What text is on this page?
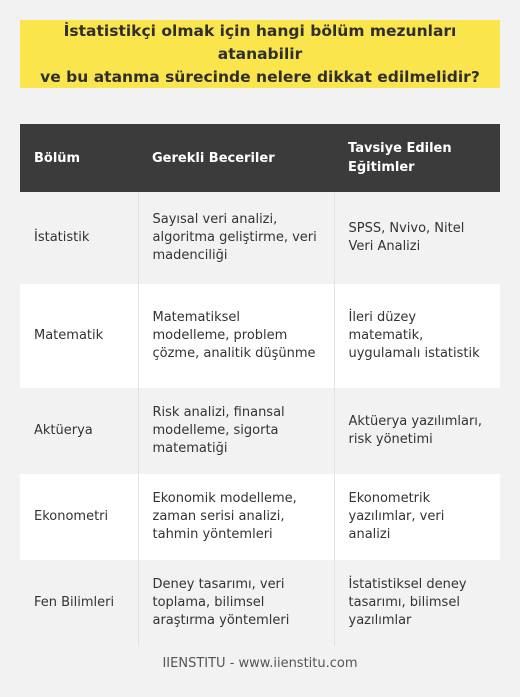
İstatistikçi olmak için hangi bölüm mezunları atanabilir
ve bu atanma sürecinde nelere dikkat edilmelidir?
Bölüm	Gerekli Beceriler	Tavsiye Edilen Eğitimler
İstatistik	Sayısal veri analizi, algoritma geliştirme, veri madenciliği	SPSS, Nvivo, Nitel Veri Analizi
Matematik	Matematiksel modelleme, problem çözme, analitik düşünme	İleri düzey matematik, uygulamalı istatistik
Aktüerya	Risk analizi, finansal modelleme, sigorta matematiği	Aktüerya yazılımları, risk yönetimi
Ekonometri	Ekonomik modelleme, zaman serisi analizi, tahmin yöntemleri	Ekonometrik yazılımlar, veri analizi
Fen Bilimleri	Deney tasarımı, veri toplama, bilimsel araştırma yöntemleri	İstatistiksel deney tasarımı, bilimsel yazılımlar
IIENSTITU - www.iienstitu.com
